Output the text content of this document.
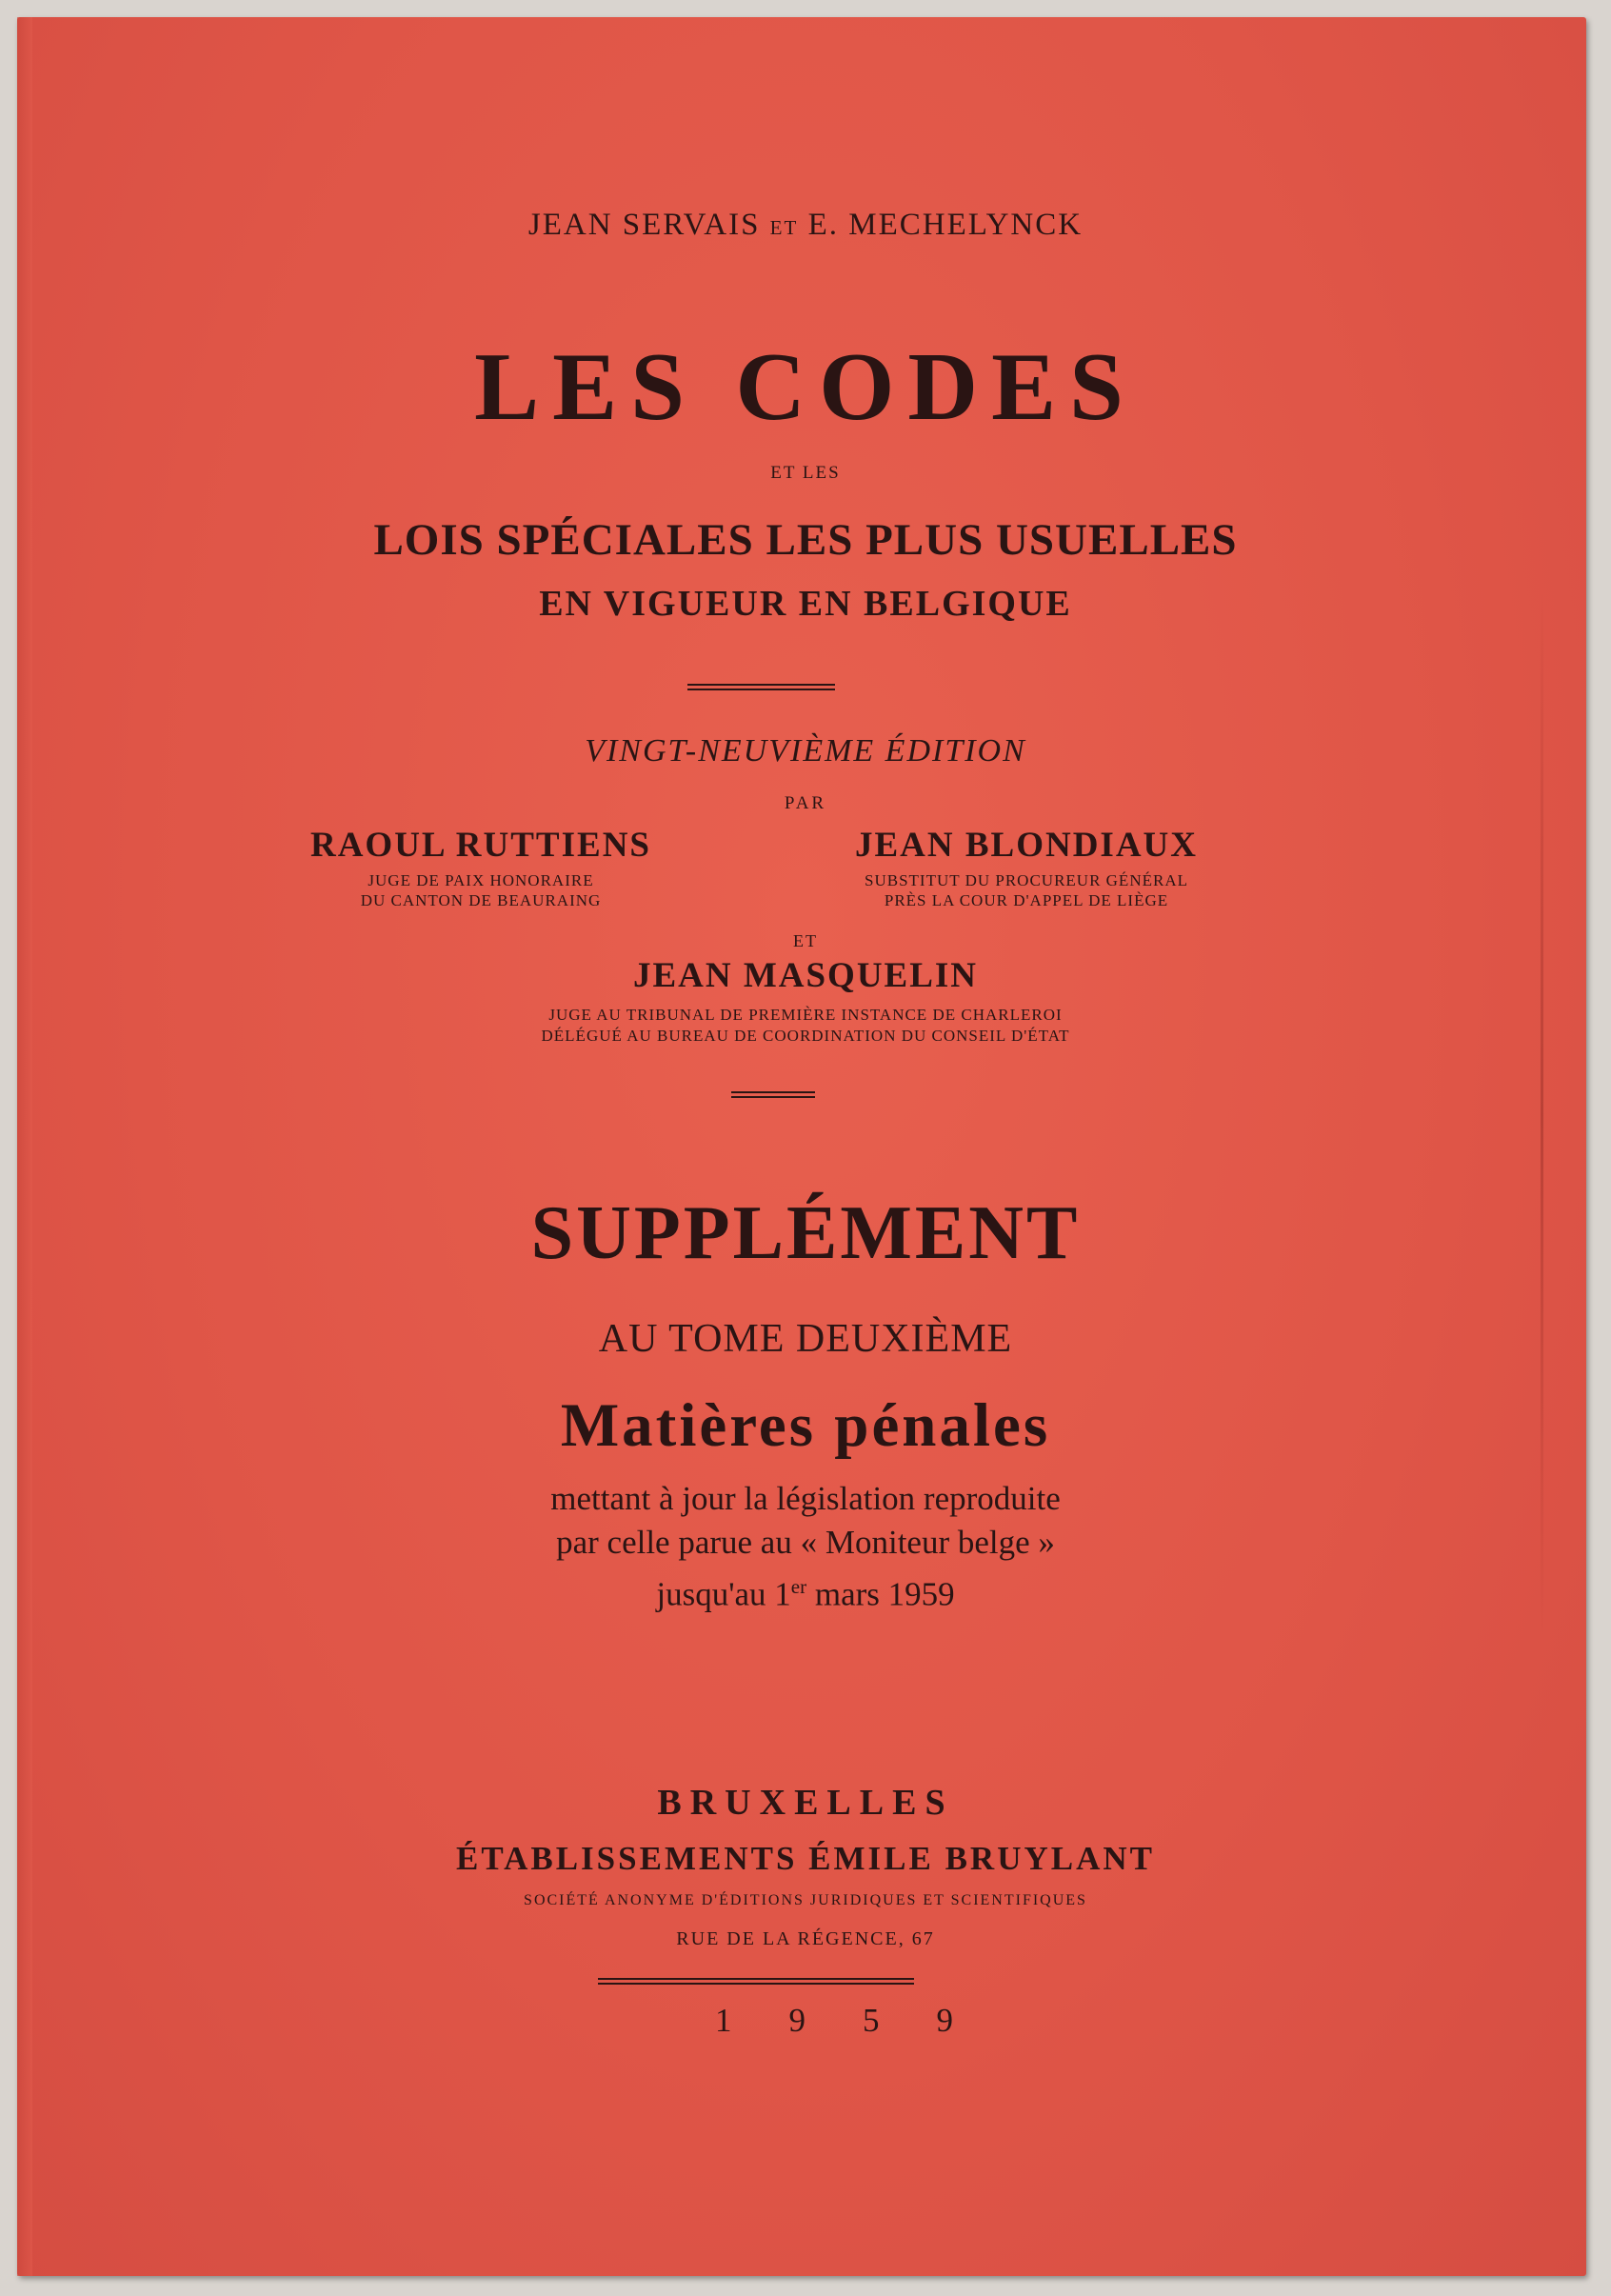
JEAN SERVAIS ET E. MECHELYNCK
LES CODES
ET LES
LOIS SPÉCIALES LES PLUS USUELLES
EN VIGUEUR EN BELGIQUE
VINGT-NEUVIÈME ÉDITION
PAR
RAOUL RUTTIENS
JUGE DE PAIX HONORAIRE
DU CANTON DE BEAURAING
JEAN BLONDIAUX
SUBSTITUT DU PROCUREUR GÉNÉRAL
PRÈS LA COUR D'APPEL DE LIÈGE
ET
JEAN MASQUELIN
JUGE AU TRIBUNAL DE PREMIÈRE INSTANCE DE CHARLEROI
DÉLÉGUÉ AU BUREAU DE COORDINATION DU CONSEIL D'ÉTAT
SUPPLÉMENT
AU TOME DEUXIÈME
Matières pénales
mettant à jour la législation reproduite
par celle parue au « Moniteur belge »
jusqu'au 1er mars 1959
BRUXELLES
ÉTABLISSEMENTS ÉMILE BRUYLANT
SOCIÉTÉ ANONYME D'ÉDITIONS JURIDIQUES ET SCIENTIFIQUES
RUE DE LA RÉGENCE, 67
1959
